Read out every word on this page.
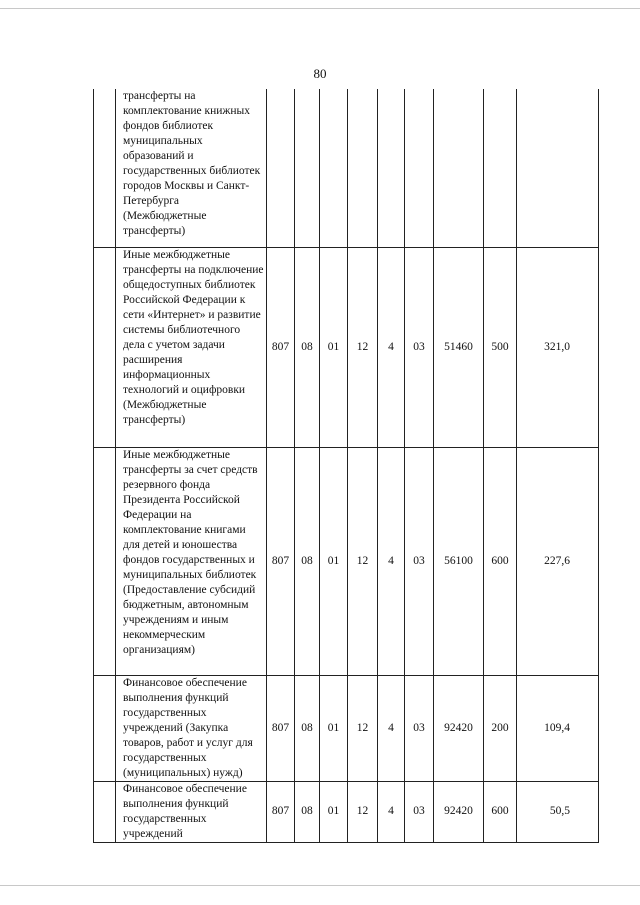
80
	трансферты на комплектование книжных фондов библиотек муниципальных образований и государственных библиотек городов Москвы и Санкт-Петербурга (Межбюджетные трансферты)									
	Иные межбюджетные трансферты на подключение общедоступных библиотек Российской Федерации к сети «Интернет» и развитие системы библиотечного дела с учетом задачи расширения информационных технологий и оцифровки (Межбюджетные трансферты)	807	08	01	12	4	03	51460	500	321,0
	Иные межбюджетные трансферты за счет средств резервного фонда Президента Российской Федерации на комплектование книгами для детей и юношества фондов государственных и муниципальных библиотек (Предоставление субсидий бюджетным, автономным учреждениям и иным некоммерческим организациям)	807	08	01	12	4	03	56100	600	227,6
	Финансовое обеспечение выполнения функций государственных учреждений (Закупка товаров, работ и услуг для государственных (муниципальных) нужд)	807	08	01	12	4	03	92420	200	109,4
	Финансовое обеспечение выполнения функций государственных учреждений	807	08	01	12	4	03	92420	600	50,5
